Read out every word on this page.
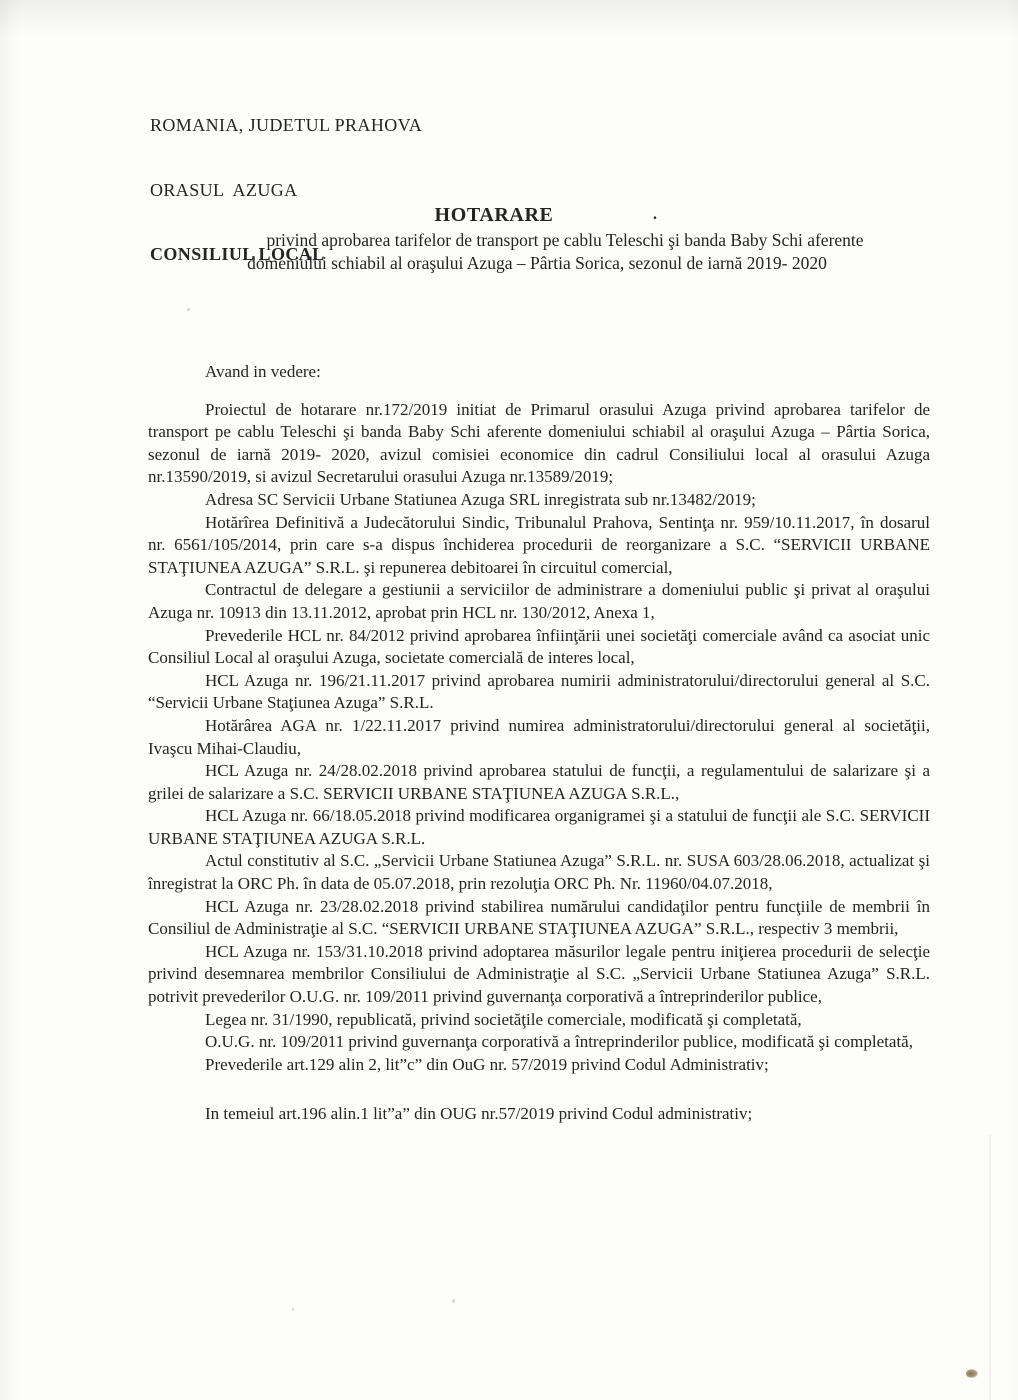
ROMANIA, JUDETUL PRAHOVA

ORASUL  AZUGA

CONSILIUL LOCAL

HOTARARE	.
privind aprobarea tarifelor de transport pe cablu Teleschi şi banda Baby Schi aferente
domeniului schiabil al oraşului Azuga – Pârtia Sorica, sezonul de iarnă 2019- 2020

Avand in vedere:

Proiectul de hotarare nr.172/2019 initiat de Primarul orasului Azuga privind aprobarea tarifelor de transport pe cablu Teleschi şi banda Baby Schi aferente domeniului schiabil al oraşului Azuga – Pârtia Sorica, sezonul de iarnă 2019- 2020, avizul comisiei economice din cadrul Consiliului local al orasului Azuga nr.13590/2019, si avizul Secretarului orasului Azuga nr.13589/2019;

Adresa SC Servicii Urbane Statiunea Azuga SRL inregistrata sub nr.13482/2019;

Hotărîrea Definitivă a Judecătorului Sindic, Tribunalul Prahova, Sentinţa nr. 959/10.11.2017, în dosarul nr. 6561/105/2014, prin care s-a dispus închiderea procedurii de reorganizare a S.C. “SERVICII URBANE STAŢIUNEA AZUGA” S.R.L. şi repunerea debitoarei în circuitul comercial,

Contractul de delegare a gestiunii a serviciilor de administrare a domeniului public şi privat al oraşului Azuga nr. 10913 din 13.11.2012, aprobat prin HCL nr. 130/2012, Anexa 1,

Prevederile HCL nr. 84/2012 privind aprobarea înfiinţării unei societăţi comerciale având ca asociat unic Consiliul Local al oraşului Azuga, societate comercială de interes local,

HCL Azuga nr. 196/21.11.2017 privind aprobarea numirii administratorului/directorului general al S.C. “Servicii Urbane Staţiunea Azuga” S.R.L.

Hotărârea AGA nr. 1/22.11.2017 privind numirea administratorului/directorului general al societăţii, Ivaşcu Mihai-Claudiu,

HCL Azuga nr. 24/28.02.2018 privind aprobarea statului de funcţii, a regulamentului de salarizare şi a grilei de salarizare a S.C. SERVICII URBANE STAŢIUNEA AZUGA S.R.L.,

HCL Azuga nr. 66/18.05.2018 privind modificarea organigramei şi a statului de funcţii ale S.C. SERVICII URBANE STAŢIUNEA AZUGA S.R.L.

Actul constitutiv al S.C. „Servicii Urbane Statiunea Azuga” S.R.L. nr. SUSA 603/28.06.2018, actualizat şi înregistrat la ORC Ph. în data de 05.07.2018, prin rezoluţia ORC Ph. Nr. 11960/04.07.2018,

HCL Azuga nr. 23/28.02.2018 privind stabilirea numărului candidaţilor pentru funcţiile de membrii în Consiliul de Administraţie al S.C. “SERVICII URBANE STAŢIUNEA AZUGA” S.R.L., respectiv 3 membrii,

HCL Azuga nr. 153/31.10.2018 privind adoptarea măsurilor legale pentru iniţierea procedurii de selecţie privind desemnarea membrilor Consiliului de Administraţie al S.C. „Servicii Urbane Statiunea Azuga” S.R.L. potrivit prevederilor O.U.G. nr. 109/2011 privind guvernanţa corporativă a întreprinderilor publice,

Legea nr. 31/1990, republicată, privind societăţile comerciale, modificată şi completată,

O.U.G. nr. 109/2011 privind guvernanţa corporativă a întreprinderilor publice, modificată şi completată,

Prevederile art.129 alin 2, lit”c” din OuG nr. 57/2019 privind Codul Administrativ;

In temeiul art.196 alin.1 lit”a” din OUG nr.57/2019 privind Codul administrativ;
